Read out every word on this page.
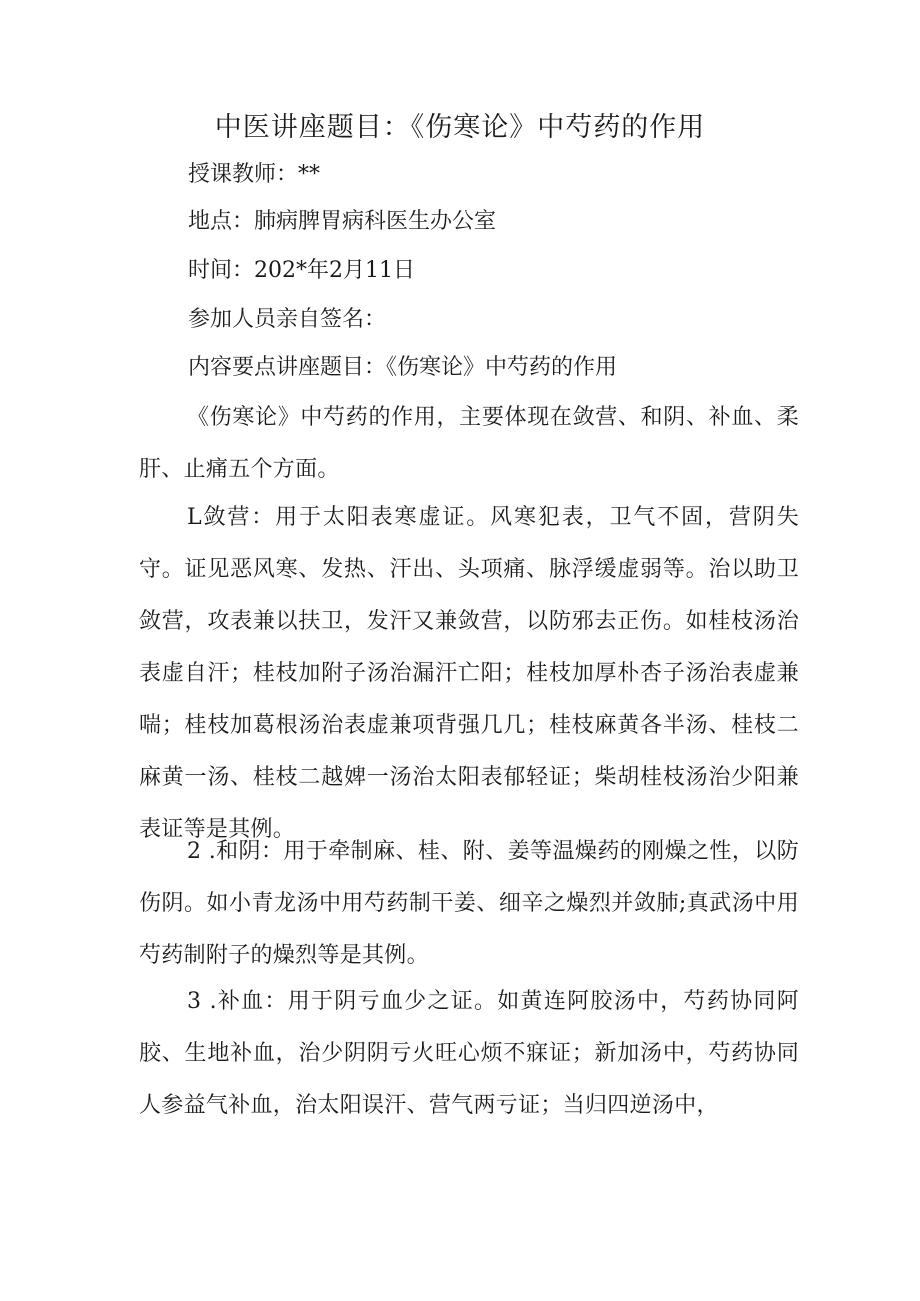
中医讲座题目：《伤寒论》中芍药的作用
授课教师：**
地点：肺病脾胃病科医生办公室
时间：202*年2月11日
参加人员亲自签名：
内容要点讲座题目：《伤寒论》中芍药的作用

《伤寒论》中芍药的作用，主要体现在敛营、和阴、补血、柔肝、止痛五个方面。

L敛营：用于太阳表寒虚证。风寒犯表，卫气不固，营阴失守。证见恶风寒、发热、汗出、头项痛、脉浮缓虚弱等。治以助卫敛营，攻表兼以扶卫，发汗又兼敛营，以防邪去正伤。如桂枝汤治表虚自汗；桂枝加附子汤治漏汗亡阳；桂枝加厚朴杏子汤治表虚兼喘；桂枝加葛根汤治表虚兼项背强几几；桂枝麻黄各半汤、桂枝二麻黄一汤、桂枝二越婢一汤治太阳表郁轻证；柴胡桂枝汤治少阳兼表证等是其例。

2 .和阴：用于牵制麻、桂、附、姜等温燥药的刚燥之性，以防伤阴。如小青龙汤中用芍药制干姜、细辛之燥烈并敛肺;真武汤中用芍药制附子的燥烈等是其例。

3 .补血：用于阴亏血少之证。如黄连阿胶汤中，芍药协同阿胶、生地补血，治少阴阴亏火旺心烦不寐证；新加汤中，芍药协同人参益气补血，治太阳误汗、营气两亏证；当归四逆汤中，
